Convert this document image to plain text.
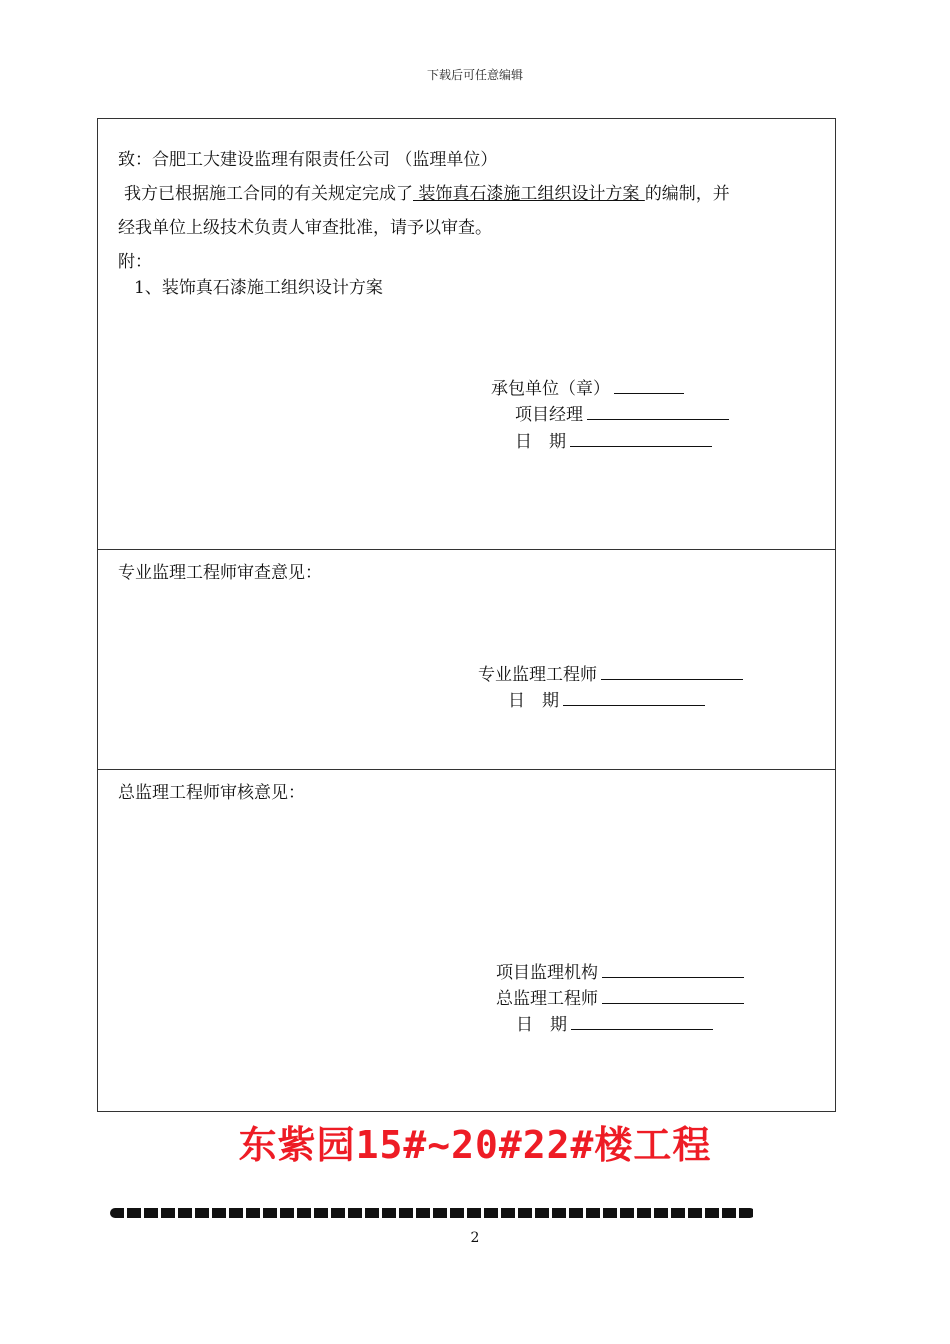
下载后可任意编辑
致：合肥工大建设监理有限责任公司 （监理单位）
我方已根据施工合同的有关规定完成了 装饰真石漆施工组织设计方案 的编制，并
经我单位上级技术负责人审查批准，请予以审查。
附：
1、装饰真石漆施工组织设计方案
承包单位（章）
项目经理
日　期
专业监理工程师审查意见：
专业监理工程师
日　期
总监理工程师审核意见：
项目监理机构
总监理工程师
日　期
东紫园15#~20#22#楼工程
2
